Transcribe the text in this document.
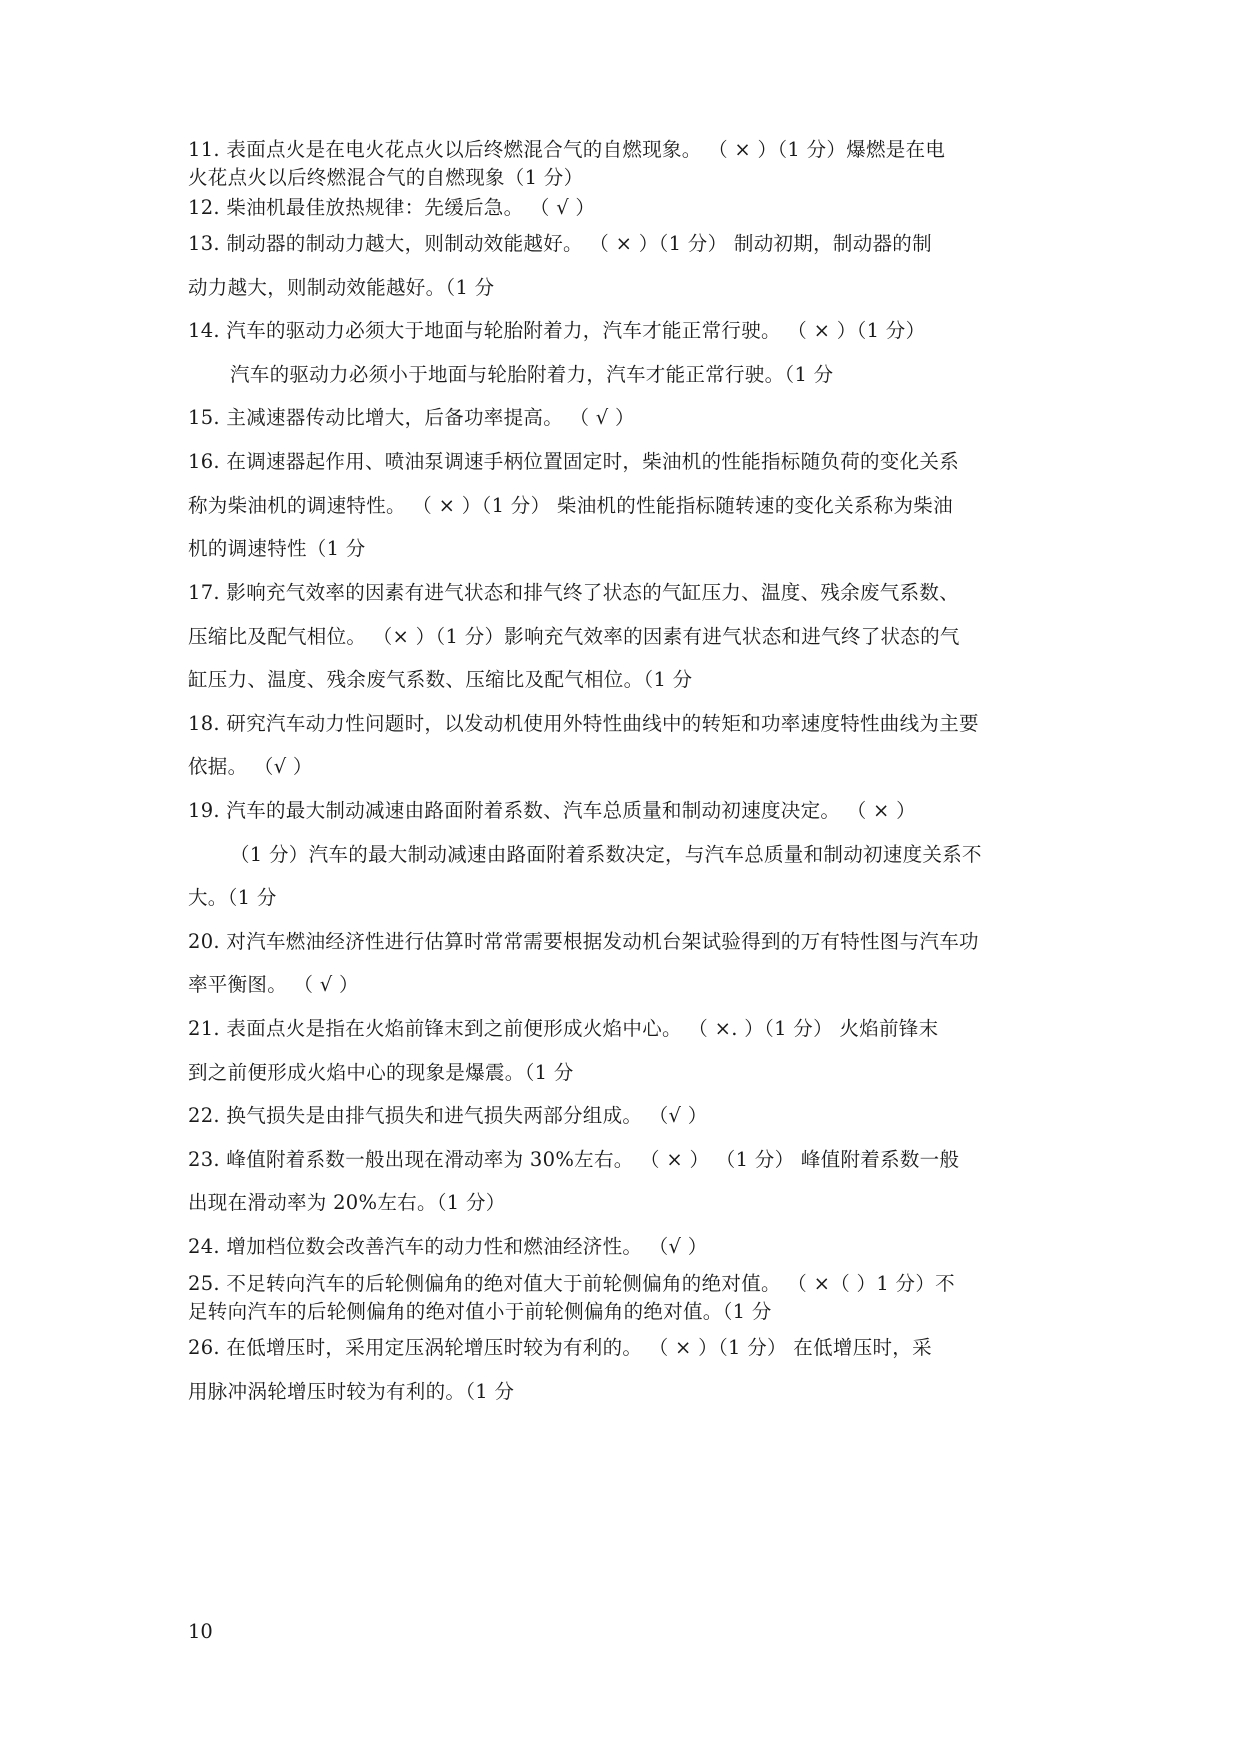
11. 表面点火是在电火花点火以后终燃混合气的自燃现象。 （ × ）（1 分）爆燃是在电
火花点火以后终燃混合气的自燃现象（1 分）
12. 柴油机最佳放热规律：先缓后急。 （ √ ）
13. 制动器的制动力越大，则制动效能越好。 （ × ）（1 分） 制动初期，制动器的制
动力越大，则制动效能越好。（1 分
14. 汽车的驱动力必须大于地面与轮胎附着力，汽车才能正常行驶。 （ × ）（1 分）
汽车的驱动力必须小于地面与轮胎附着力，汽车才能正常行驶。（1 分
15. 主减速器传动比增大，后备功率提高。 （ √ ）
16. 在调速器起作用、喷油泵调速手柄位置固定时，柴油机的性能指标随负荷的变化关系
称为柴油机的调速特性。 （ × ）（1 分） 柴油机的性能指标随转速的变化关系称为柴油
机的调速特性（1 分
17. 影响充气效率的因素有进气状态和排气终了状态的气缸压力、温度、残余废气系数、
压缩比及配气相位。 （× ）（1 分）影响充气效率的因素有进气状态和进气终了状态的气
缸压力、温度、残余废气系数、压缩比及配气相位。（1 分
18. 研究汽车动力性问题时，以发动机使用外特性曲线中的转矩和功率速度特性曲线为主要
依据。 （√ ）
19. 汽车的最大制动减速由路面附着系数、汽车总质量和制动初速度决定。 （ × ）
（1 分）汽车的最大制动减速由路面附着系数决定，与汽车总质量和制动初速度关系不
大。（1 分
20. 对汽车燃油经济性进行估算时常常需要根据发动机台架试验得到的万有特性图与汽车功
率平衡图。 （ √ ）
21. 表面点火是指在火焰前锋末到之前便形成火焰中心。 （ ×. ）（1 分） 火焰前锋末
到之前便形成火焰中心的现象是爆震。（1 分
22. 换气损失是由排气损失和进气损失两部分组成。 （√ ）
23. 峰值附着系数一般出现在滑动率为 30%左右。 （ × ） （1 分） 峰值附着系数一般
出现在滑动率为 20%左右。（1 分）
24. 增加档位数会改善汽车的动力性和燃油经济性。 （√ ）
25. 不足转向汽车的后轮侧偏角的绝对值大于前轮侧偏角的绝对值。 （ ×（ ）1 分）不
足转向汽车的后轮侧偏角的绝对值小于前轮侧偏角的绝对值。（1 分
26. 在低增压时，采用定压涡轮增压时较为有利的。 （ × ）（1 分） 在低增压时，采
用脉冲涡轮增压时较为有利的。（1 分
10
